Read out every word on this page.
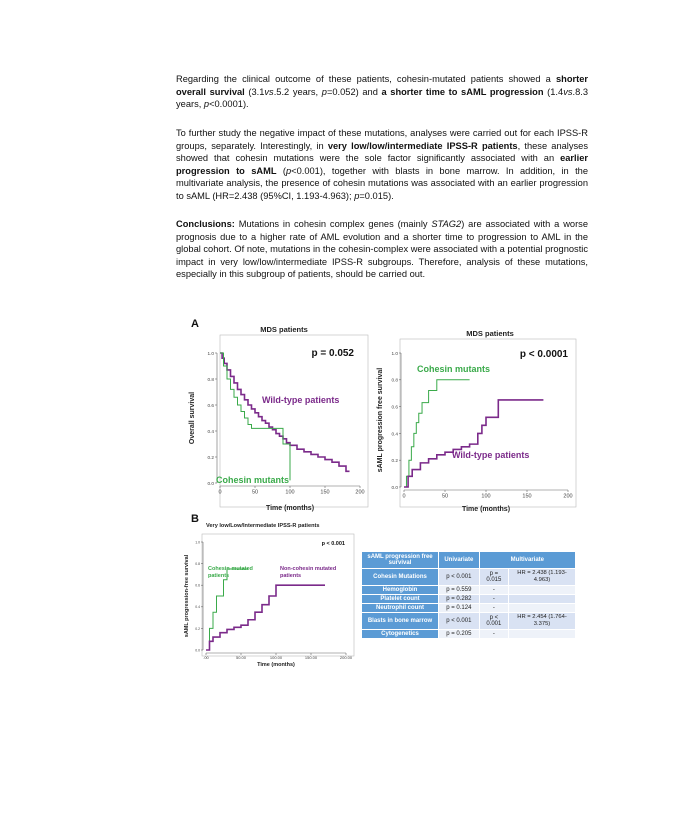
Regarding the clinical outcome of these patients, cohesin-mutated patients showed a shorter overall survival (3.1vs.5.2 years, p=0.052) and a shorter time to sAML progression (1.4vs.8.3 years, p<0.0001).
To further study the negative impact of these mutations, analyses were carried out for each IPSS-R groups, separately. Interestingly, in very low/low/intermediate IPSS-R patients, these analyses showed that cohesin mutations were the sole factor significantly associated with an earlier progression to sAML (p<0.001), together with blasts in bone marrow. In addition, in the multivariate analysis, the presence of cohesin mutations was associated with an earlier progression to sAML (HR=2.438 (95%CI, 1.193-4.963); p=0.015).
Conclusions: Mutations in cohesin complex genes (mainly STAG2) are associated with a worse prognosis due to a higher rate of AML evolution and a shorter time to progression to AML in the global cohort. Of note, mutations in the cohesin-complex were associated with a potential prognostic impact in very low/low/intermediate IPSS-R subgroups. Therefore, analysis of these mutations, especially in this subgroup of patients, should be carried out.
A
B
MDS patients
p = 0.052
0	50	100	150	200
0.0
0.2
0.4
0.6
0.8
1.0
Time (months)
Overall survival	Wild-type patients
Cohesin mutants
MDS patients
p < 0.0001
0	50	100	150	200
0.0
0.2
0.4
0.6
0.8
1.0
Time (months)
sAML progression free survival	Cohesin mutants
Wild-type patients
Very low/Low/Intermediate IPSS-R patients
p < 0.001
.00	50.00	100.00	150.00	200.00
0.0
0.2
0.4
0.6
0.8
1.0
Time (months)
sAML progression-free survival	Cohesin-mutated
patients
Non-cohesin mutated
patients
sAML progression free survival	Univariate	Multivariate	
Cohesin Mutations	p < 0.001	p = 0.015	HR = 2.438 (1.193-4.963)
Hemoglobin	p = 0.559	-	
Platelet count	p = 0.282	-	
Neutrophil count	p = 0.124	-	
Blasts in bone marrow	p < 0.001	p < 0.001	HR = 2.454 (1.764-3.375)
Cytogenetics	p = 0.205	-	
